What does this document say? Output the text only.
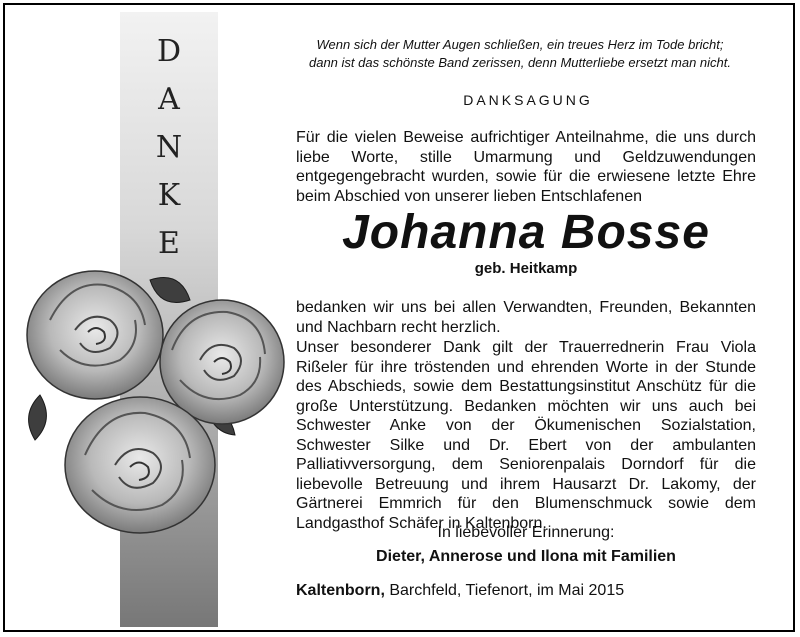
D
A
N
K
E
Wenn sich der Mutter Augen schließen, ein treues Herz im Tode bricht;
dann ist das schönste Band zerissen, denn Mutterliebe ersetzt man nicht.
DANKSAGUNG
Für die vielen Beweise aufrichtiger Anteilnahme, die uns durch liebe Worte, stille Umarmung und Geldzuwendungen entgegengebracht wurden, sowie für die erwiesene letzte Ehre beim Abschied von unserer lieben Entschlafenen
Johanna Bosse
geb. Heitkamp
bedanken wir uns bei allen Verwandten, Freunden, Bekannten und Nachbarn recht herzlich.
Unser besonderer Dank gilt der Trauerrednerin Frau Viola Rißeler für ihre tröstenden und ehrenden Worte in der Stunde des Abschieds, sowie dem Bestattungsinstitut Anschütz für die große Unterstützung. Bedanken möchten wir uns auch bei Schwester Anke von der Ökumenischen Sozialstation, Schwester Silke und Dr. Ebert von der ambulanten Palliativversorgung, dem Seniorenpalais Dorndorf für die liebevolle Betreuung und ihrem Hausarzt Dr. Lakomy, der Gärtnerei Emmrich für den Blumenschmuck sowie dem Landgasthof Schäfer in Kaltenborn.
In liebevoller Erinnerung:
Dieter, Annerose und Ilona mit Familien
Kaltenborn, Barchfeld, Tiefenort, im Mai 2015
